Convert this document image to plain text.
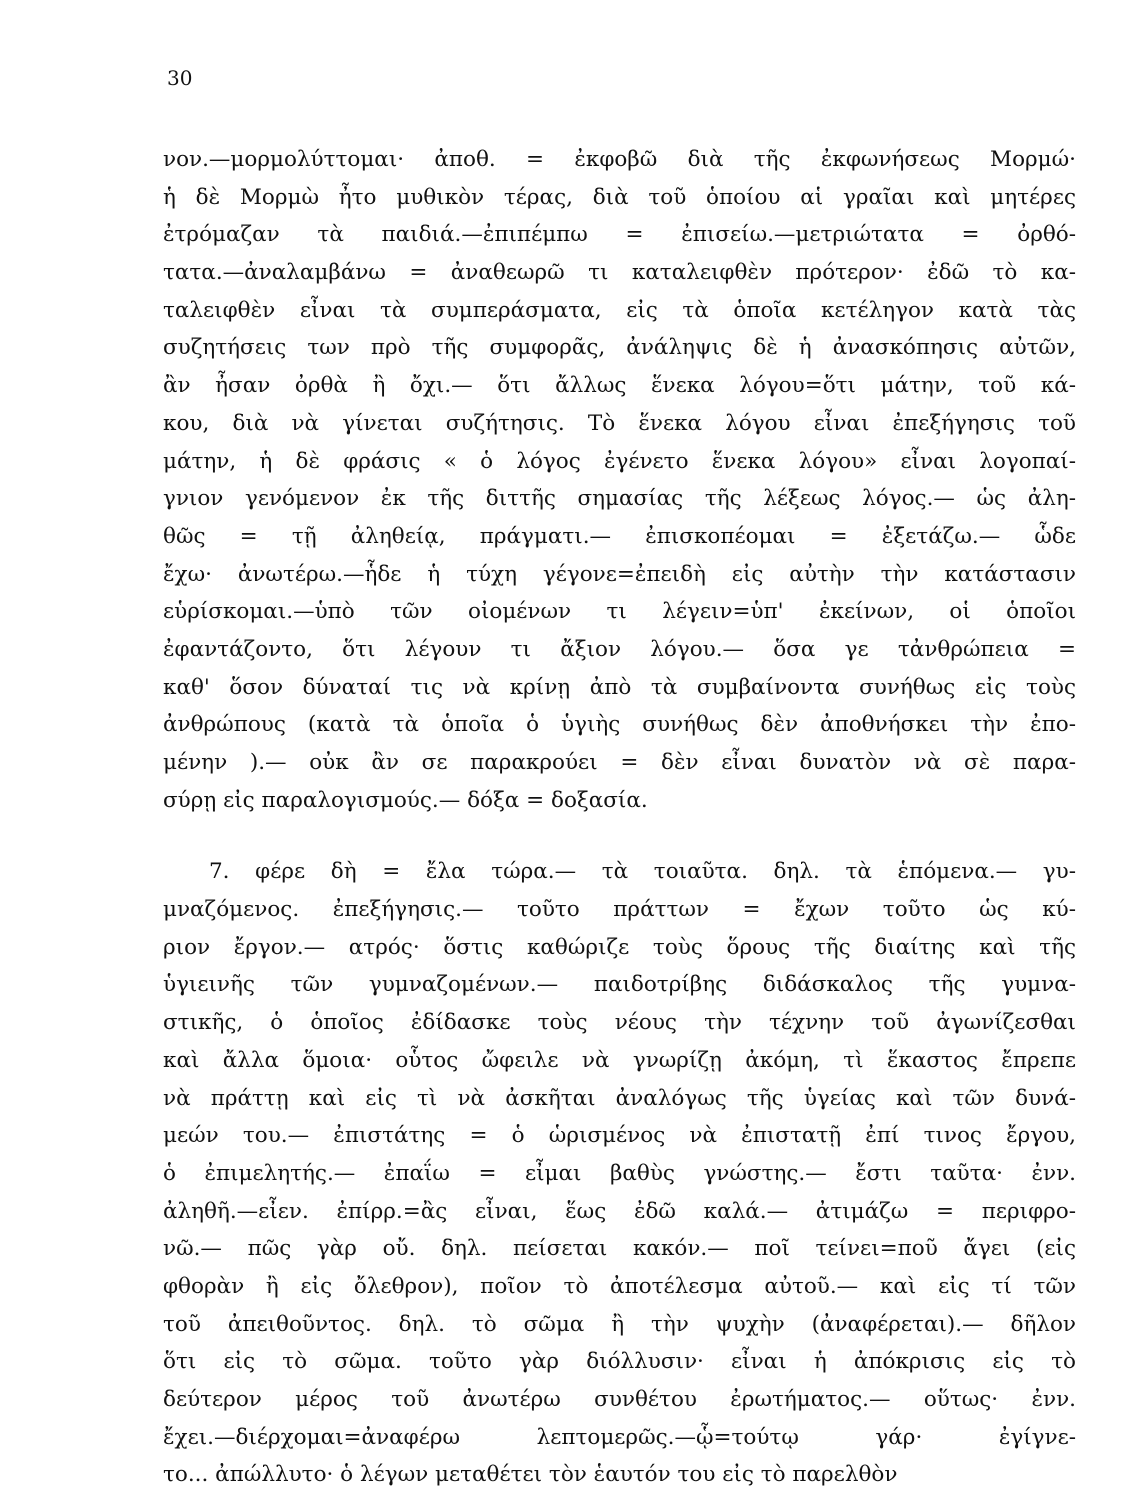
30

νον.—μορμολύττομαι· ἀποθ. = ἐκφοβῶ διὰ τῆς ἐκφωνήσεως Μορμώ·

ἡ δὲ Μορμὼ ἦτο μυθικὸν τέρας, διὰ τοῦ ὁποίου αἱ γραῖαι καὶ μητέρες

ἐτρόμαζαν τὰ παιδιά.—ἐπιπέμπω = ἐπισείω.—μετριώτατα = ὀρθό-

τατα.—ἀναλαμβάνω = ἀναθεωρῶ τι καταλειφθὲν πρότερον· ἐδῶ τὸ κα-

ταλειφθὲν εἶναι τὰ συμπεράσματα, εἰς τὰ ὁποῖα κετέληγον κατὰ τὰς

συζητήσεις των πρὸ τῆς συμφορᾶς, ἀνάληψις δὲ ἡ ἀνασκόπησις αὐτῶν,

ἂν ἦσαν ὀρθὰ ἢ ὄχι.— ὅτι ἄλλως ἕνεκα λόγου=ὅτι μάτην, τοῦ κά-

κου, διὰ νὰ γίνεται συζήτησις. Τὸ ἕνεκα λόγου εἶναι ἐπεξήγησις τοῦ

μάτην, ἡ δὲ φράσις « ὁ λόγος ἐγένετο ἕνεκα λόγου» εἶναι λογοπαί-

γνιον γενόμενον ἐκ τῆς διττῆς σημασίας τῆς λέξεως λόγος.— ὡς ἀλη-

θῶς = τῇ ἀληθείᾳ, πράγματι.— ἐπισκοπέομαι = ἐξετάζω.— ὧδε

ἔχω· ἀνωτέρω.—ἧδε ἡ τύχη γέγονε=ἐπειδὴ εἰς αὐτὴν τὴν κατάστασιν

εὑρίσκομαι.—ὑπὸ τῶν οἰομένων τι λέγειν=ὑπ' ἐκείνων, οἱ ὁποῖοι

ἐφαντάζοντο, ὅτι λέγουν τι ἄξιον λόγου.— ὅσα γε τἀνθρώπεια =

καθ' ὅσον δύναταί τις νὰ κρίνῃ ἀπὸ τὰ συμβαίνοντα συνήθως εἰς τοὺς

ἀνθρώπους (κατὰ τὰ ὁποῖα ὁ ὑγιὴς συνήθως δὲν ἀποθνήσκει τὴν ἐπο-

μένην ).— οὐκ ἂν σε παρακρούει = δὲν εἶναι δυνατὸν νὰ σὲ παρα-

σύρῃ εἰς παραλογισμούς.— δόξα = δοξασία.

7. φέρε δὴ = ἔλα τώρα.— τὰ τοιαῦτα. δηλ. τὰ ἑπόμενα.— γυ-

μναζόμενος. ἐπεξήγησις.— τοῦτο πράττων = ἔχων τοῦτο ὡς κύ-

ριον ἔργον.— ατρός· ὅστις καθώριζε τοὺς ὅρους τῆς διαίτης καὶ τῆς

ὑγιεινῆς τῶν γυμναζομένων.— παιδοτρίβης διδάσκαλος τῆς γυμνα-

στικῆς, ὁ ὁποῖος ἐδίδασκε τοὺς νέους τὴν τέχνην τοῦ ἀγωνίζεσθαι

καὶ ἄλλα ὅμοια· οὗτος ὤφειλε νὰ γνωρίζῃ ἀκόμη, τὶ ἕκαστος ἔπρεπε

νὰ πράττῃ καὶ εἰς τὶ νὰ ἀσκῆται ἀναλόγως τῆς ὑγείας καὶ τῶν δυνά-

μεών του.— ἐπιστάτης = ὁ ὡρισμένος νὰ ἐπιστατῇ ἐπί τινος ἔργου,

ὁ ἐπιμελητής.— ἐπαΐω = εἶμαι βαθὺς γνώστης.— ἔστι ταῦτα· ἐνν.

ἀληθῆ.—εἶεν. ἐπίρρ.=ἂς εἶναι, ἕως ἐδῶ καλά.— ἀτιμάζω = περιφρο-

νῶ.— πῶς γὰρ οὔ. δηλ. πείσεται κακόν.— ποῖ τείνει=ποῦ ἄγει (εἰς

φθορὰν ἢ εἰς ὄλεθρον), ποῖον τὸ ἀποτέλεσμα αὐτοῦ.— καὶ εἰς τί τῶν

τοῦ ἀπειθοῦντος. δηλ. τὸ σῶμα ἢ τὴν ψυχὴν (ἀναφέρεται).— δῆλον

ὅτι εἰς τὸ σῶμα. τοῦτο γὰρ διόλλυσιν· εἶναι ἡ ἀπόκρισις εἰς τὸ

δεύτερον μέρος τοῦ ἀνωτέρω συνθέτου ἐρωτήματος.— οὕτως· ἐνν.

ἔχει.—διέρχομαι=ἀναφέρω λεπτομερῶς.—ᾧ=τούτῳ γάρ· ἐγίγνε-

το... ἀπώλλυτο· ὁ λέγων μεταθέτει τὸν ἑαυτόν του εἰς τὸ παρελθὸν
